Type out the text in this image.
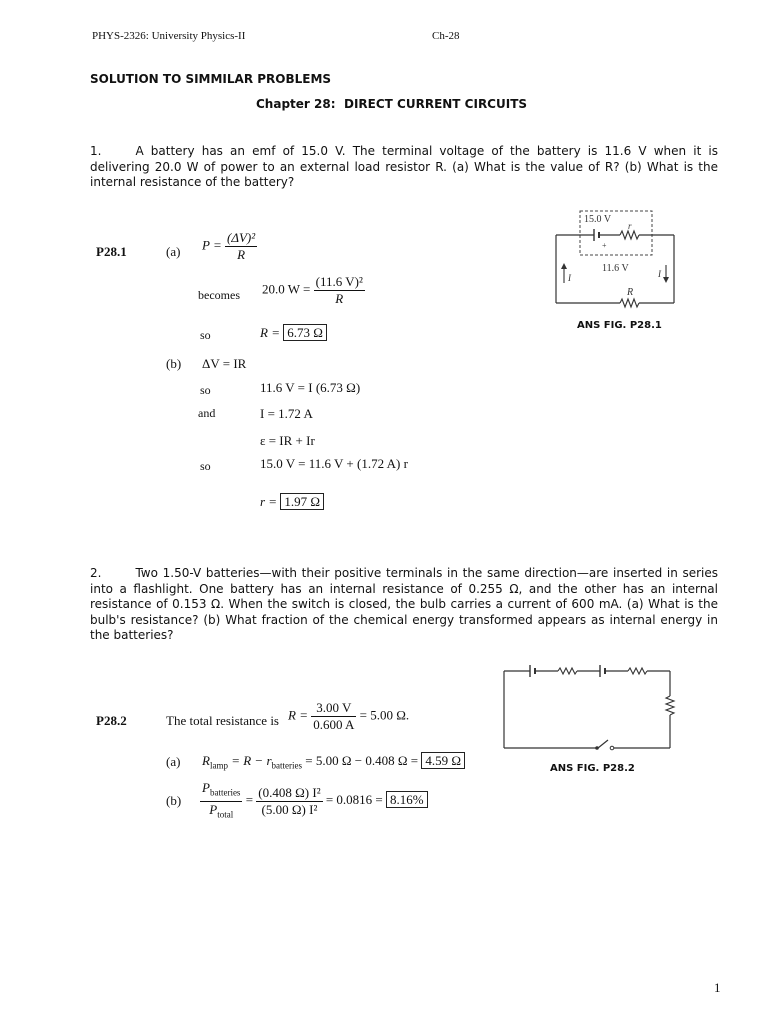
PHYS-2326: University Physics-II	Ch-28
SOLUTION TO SIMMILAR PROBLEMS
Chapter 28: DIRECT CURRENT CIRCUITS
1.	A battery has an emf of 15.0 V. The terminal voltage of the battery is 11.6 V when it is delivering 20.0 W of power to an external load resistor R. (a) What is the value of R? (b) What is the internal resistance of the battery?
P28.1	(a) $P = \frac{\text{(ΔV)²}}{R}$
becomes 20.0 $W = \frac{\text{(11.6 V)²}}{R}$
so	R = 6.73 Ω
(b) ΔV = IR
so	11.6 V = I (6.73 Ω)
and	I = 1.72 A
ε = IR + Ir
so	15.0 V = 11.6 V + (1.72 A) r
r = 1.97 Ω
15.0 V
r
+
11.6 V
R
I	I
ANS FIG. P28.1
2.	Two 1.50-V batteries—with their positive terminals in the same direction—are inserted in series into a flashlight. One battery has an internal resistance of 0.255 Ω, and the other has an internal resistance of 0.153 Ω. When the switch is closed, the bulb carries a current of 600 mA. (a) What is the bulb's resistance? (b) What fraction of the chemical energy transformed appears as internal energy in the batteries?
P28.2	The total resistance is $R = \frac{3.00 V}{0.600 A} = 5.00$ Ω.
(a) $R_{lamp} = R - r_{batteries} = 5.00$ Ω − 0.408 Ω = 4.59 Ω
$(b) \frac{P_{batteries}}{P_{total}} = \frac{\text{(0.408 Ω) I²}}{\text{(5.00 Ω) I²}} = 0.0816 = 8.16\%$
ANS FIG. P28.2
1
